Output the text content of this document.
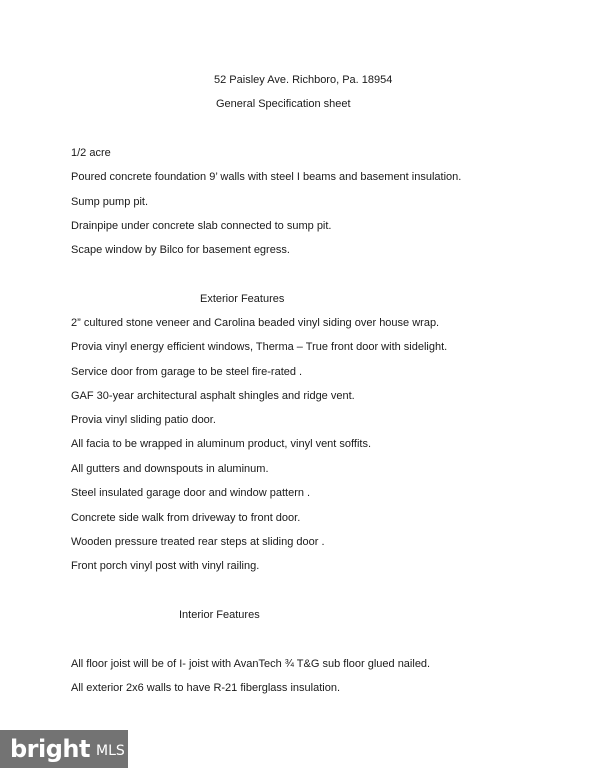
52 Paisley Ave. Richboro, Pa. 18954
General Specification sheet
1/2 acre
Poured concrete foundation 9’ walls with steel I beams and basement insulation.
Sump pump pit.
Drainpipe under concrete slab connected to sump pit.
Scape window by Bilco for basement egress.
Exterior Features
2” cultured stone veneer and Carolina beaded vinyl siding over house wrap.
Provia vinyl energy efficient windows, Therma – True front door with sidelight.
Service door from garage to be steel fire-rated .
GAF 30-year architectural asphalt shingles and ridge vent.
Provia vinyl sliding patio door.
All facia to be wrapped in aluminum product, vinyl vent soffits.
All gutters and downspouts in aluminum.
Steel insulated garage door and window pattern .
Concrete side walk from driveway to front door.
Wooden pressure treated rear steps at sliding door .
Front porch vinyl post with vinyl railing.
Interior Features
All floor joist will be of I- joist with AvanTech ¾ T&G sub floor glued nailed.
All exterior 2x6 walls to have R-21 fiberglass insulation.
bright MLS
